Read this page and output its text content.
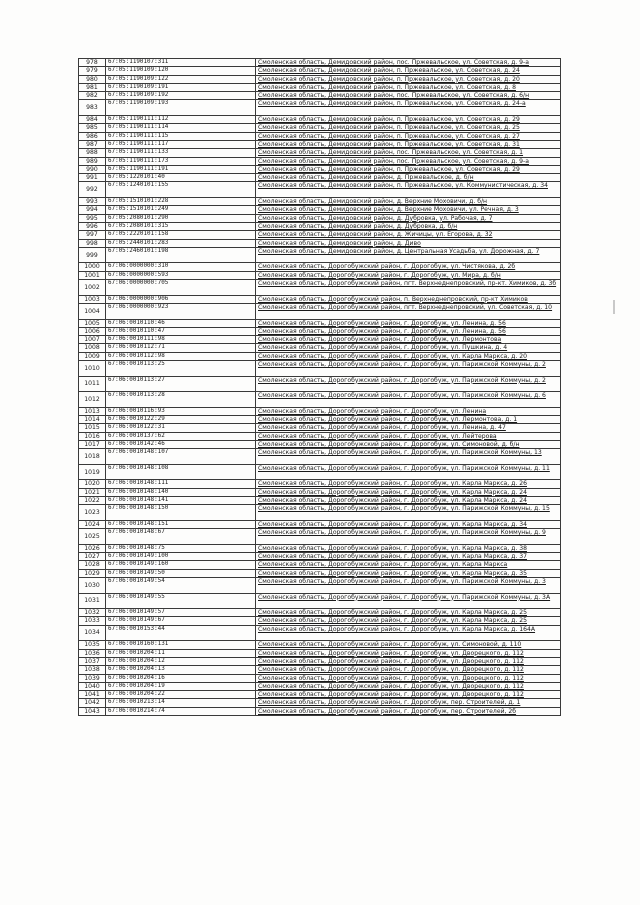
978	67:05:1190107:311	Смоленская область, Демидовский район, пос. Пржевальское, ул. Советская, д. 9-а
979	67:05:1190109:120	Смоленская область, Демидовский район, п. Пржевальское, ул. Советская, д. 24
980	67:05:1190109:122	Смоленская область, Демидовский район, п. Пржевальское, ул. Советская, д. 20
981	67:05:1190109:191	Смоленская область, Демидовский район, п. Пржевальское, ул. Советская, д. 8
982	67:05:1190109:192	Смоленская область, Демидовский район, пос. Пржевальское, ул. Советская, д. 6/н
983	67:05:1190109:193	Смоленская область, Демидовский район, п. Пржевальское, ул. Советская, д. 24-а
984	67:05:1190111:112	Смоленская область, Демидовский район, п. Пржевальское, ул. Советская, д. 29
985	67:05:1190111:114	Смоленская область, Демидовский район, п. Пржевальское, ул. Советская, д. 25
986	67:05:1190111:115	Смоленская область, Демидовский район, п. Пржевальское, ул. Советская, д. 27
987	67:05:1190111:117	Смоленская область, Демидовский район, п. Пржевальское, ул. Советская, д. 31
988	67:05:1190111:133	Смоленская область, Демидовский район, пос. Пржевальское, ул. Советская, д. 1
989	67:05:1190111:173	Смоленская область, Демидовский район, пос. Пржевальское, ул. Советская, д. 9-а
990	67:05:1190111:191	Смоленская область, Демидовский район, п. Пржевальское, ул. Советская, д. 29
991	67:05:1220101:40	Смоленская область, Демидовский район, д. Пржевальское, д. б/н
992	67:05:1240101:155	Смоленская область, Демидовский район, п. Пржевальское, ул. Коммунистическая, д. 34
993	67:05:1510101:228	Смоленская область, Демидовский район, д. Верхние Моховичи, д. б/н
994	67:05:1510101:249	Смоленская область, Демидовский район, д. Верхние Моховичи, ул. Речная, д. 3
995	67:05:2080101:290	Смоленская область, Демидовский район, д. Дубровка, ул. Рабочая, д. 7
996	67:05:2080101:315	Смоленская область, Демидовский район, д. Дубровка, д. б/н
997	67:05:2220101:158	Смоленская область, Демидовский район, д. Жичицы, ул. Егорова, д. 32
998	67:05:2440101:283	Смоленская область, Демидовский район, д. Диво
999	67:05:2460101:198	Смоленская область, Демидовский район, д. Центральная Усадьба, ул. Дорожная, д. 7
1000	67:06:0000000:310	Смоленская область, Дорогобужский район, г. Дорогобуж, ул. Чистякова, д. 2б
1001	67:06:0000000:593	Смоленская область, Дорогобужский район, г. Дорогобуж, ул. Мира, д. б/н
1002	67:06:0000000:705	Смоленская область, Дорогобужский район, пгт. Верхнеднепровский, пр-кт. Химиков, д. 3б
1003	67:06:0000000:906	Смоленская область, Дорогобужский район, п. Верхнеднепровский, пр-кт Химиков
1004	67:06:0000000:923	Смоленская область, Дорогобужский район, пгт. Верхнеднепровский, ул. Советская, д. 10
1005	67:06:0010110:46	Смоленская область, Дорогобужский район, г. Дорогобуж, ул. Ленина, д. 56
1006	67:06:0010110:47	Смоленская область, Дорогобужский район, г. Дорогобуж, ул. Ленина, д. 56
1007	67:06:0010111:98	Смоленская область, Дорогобужский район, г. Дорогобуж, ул. Лермонтова
1008	67:06:0010112:71	Смоленская область, Дорогобужский район, г. Дорогобуж, ул. Пушкина, д. 4
1009	67:06:0010112:98	Смоленская область, Дорогобужский район, г. Дорогобуж, ул. Карла Маркса, д. 20
1010	67:06:0010113:25	Смоленская область, Дорогобужский район, г. Дорогобуж, ул. Парижской Коммуны, д. 2
1011	67:06:0010113:27	Смоленская область, Дорогобужский район, г. Дорогобуж, ул. Парижской Коммуны, д. 2
1012	67:06:0010113:28	Смоленская область, Дорогобужский район, г. Дорогобуж, ул. Парижской Коммуны, д. 6
1013	67:06:0010116:93	Смоленская область, Дорогобужский район, г. Дорогобуж, ул. Ленина
1014	67:06:0010122:29	Смоленская область, Дорогобужский район, г. Дорогобуж, ул. Лермонтова, д. 1
1015	67:06:0010122:31	Смоленская область, Дорогобужский район, г. Дорогобуж, ул. Ленина, д. 47
1016	67:06:0010137:62	Смоленская область, Дорогобужский район, г. Дорогобуж, ул. Лейтерова
1017	67:06:0010142:46	Смоленская область, Дорогобужский район, г. Дорогобуж, ул. Симоновой, д. б/н
1018	67:06:0010148:107	Смоленская область, Дорогобужский район, г. Дорогобуж, ул. Парижской Коммуны, 13
1019	67:06:0010148:108	Смоленская область, Дорогобужский район, г. Дорогобуж, ул. Парижской Коммуны, д. 11
1020	67:06:0010148:111	Смоленская область, Дорогобужский район, г. Дорогобуж, ул. Карла Маркса, д. 26
1021	67:06:0010148:140	Смоленская область, Дорогобужский район, г. Дорогобуж, ул. Карла Маркса, д. 24
1022	67:06:0010148:141	Смоленская область, Дорогобужский район, г. Дорогобуж, ул. Карла Маркса, д. 24
1023	67:06:0010148:150	Смоленская область, Дорогобужский район, г. Дорогобуж, ул. Парижской Коммуны, д. 15
1024	67:06:0010148:151	Смоленская область, Дорогобужский район, г. Дорогобуж, ул. Карла Маркса, д. 34
1025	67:06:0010148:67	Смоленская область, Дорогобужский район, г. Дорогобуж, ул. Парижской Коммуны, д. 9
1026	67:06:0010148:75	Смоленская область, Дорогобужский район, г. Дорогобуж, ул. Карла Маркса, д. 38
1027	67:06:0010149:100	Смоленская область, Дорогобужский район, г. Дорогобуж, ул. Карла Маркса, д. 37
1028	67:06:0010149:160	Смоленская область, Дорогобужский район, г. Дорогобуж, ул. Карла Маркса
1029	67:06:0010149:50	Смоленская область, Дорогобужский район, г. Дорогобуж, ул. Карла Маркса, д. 35
1030	67:06:0010149:54	Смоленская область, Дорогобужский район, г. Дорогобуж, ул. Парижской Коммуны, д. 3
1031	67:06:0010149:55	Смоленская область, Дорогобужский район, г. Дорогобуж, ул. Парижской Коммуны, д. 3А
1032	67:06:0010149:57	Смоленская область, Дорогобужский район, г. Дорогобуж, ул. Карла Маркса, д. 25
1033	67:06:0010149:67	Смоленская область, Дорогобужский район, г. Дорогобуж, ул. Карла Маркса, д. 25
1034	67:06:0010153:44	Смоленская область, Дорогобужский район, г. Дорогобуж, ул. Карла Маркса, д. 164А
1035	67:06:0010160:131	Смоленская область, Дорогобужский район, г. Дорогобуж, ул. Симоновой, д. 110
1036	67:06:0010204:11	Смоленская область, Дорогобужский район, г. Дорогобуж, ул. Дворецкого, д. 112
1037	67:06:0010204:12	Смоленская область, Дорогобужский район, г. Дорогобуж, ул. Дворецкого, д. 112
1038	67:06:0010204:13	Смоленская область, Дорогобужский район, г. Дорогобуж, ул. Дворецкого, д. 112
1039	67:06:0010204:16	Смоленская область, Дорогобужский район, г. Дорогобуж, ул. Дворецкого, д. 112
1040	67:06:0010204:19	Смоленская область, Дорогобужский район, г. Дорогобуж, ул. Дворецкого, д. 112
1041	67:06:0010204:22	Смоленская область, Дорогобужский район, г. Дорогобуж, ул. Дворецкого, д. 112
1042	67:06:0010213:14	Смоленская область, Дорогобужский район, г. Дорогобуж, пер. Строителей, д. 1
1043	67:06:0010214:74	Смоленская область, Дорогобужский район, г. Дорогобуж, пер. Строителей, 2б
